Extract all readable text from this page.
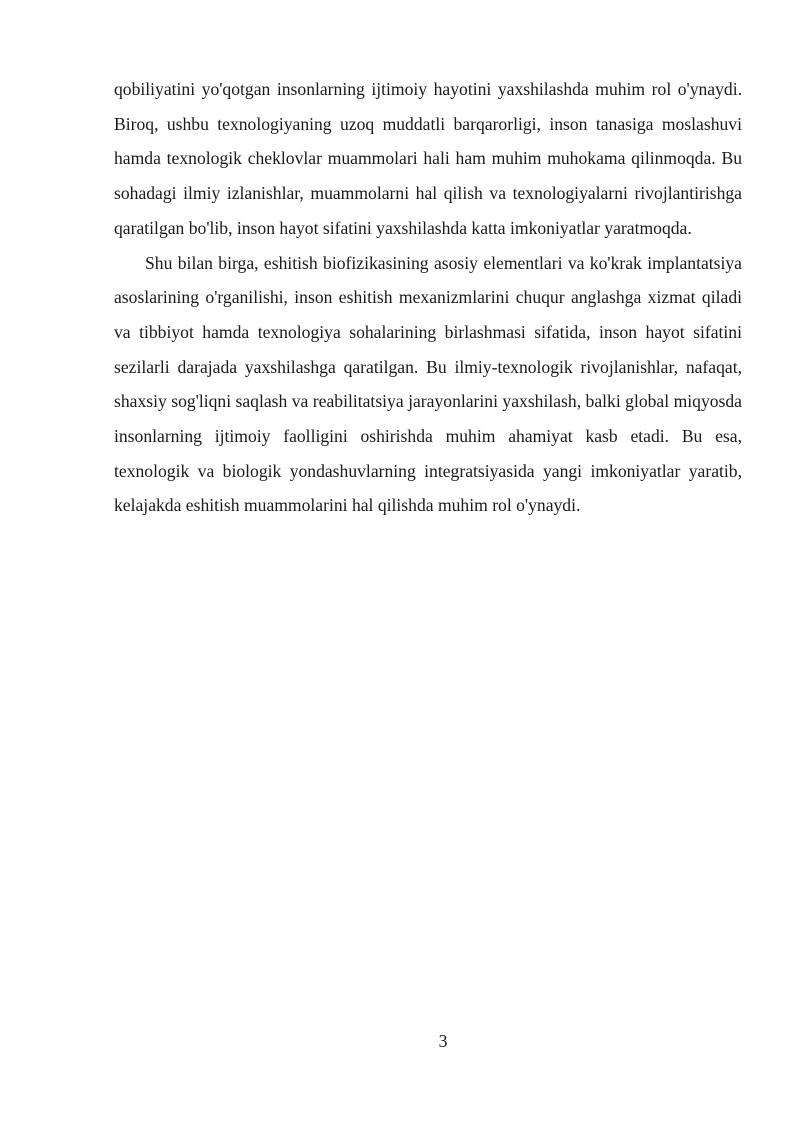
qobiliyatini yo'qotgan insonlarning ijtimoiy hayotini yaxshilashda muhim rol o'ynaydi. Biroq, ushbu texnologiyaning uzoq muddatli barqarorligi, inson tanasiga moslashuvi hamda texnologik cheklovlar muammolari hali ham muhim muhokama qilinmoqda. Bu sohadagi ilmiy izlanishlar, muammolarni hal qilish va texnologiyalarni rivojlantirishga qaratilgan bo'lib, inson hayot sifatini yaxshilashda katta imkoniyatlar yaratmoqda.

Shu bilan birga, eshitish biofizikasining asosiy elementlari va ko'krak implantatsiya asoslarining o'rganilishi, inson eshitish mexanizmlarini chuqur anglashga xizmat qiladi va tibbiyot hamda texnologiya sohalarining birlashmasi sifatida, inson hayot sifatini sezilarli darajada yaxshilashga qaratilgan. Bu ilmiy-texnologik rivojlanishlar, nafaqat, shaxsiy sog'liqni saqlash va reabilitatsiya jarayonlarini yaxshilash, balki global miqyosda insonlarning ijtimoiy faolligini oshirishda muhim ahamiyat kasb etadi. Bu esa, texnologik va biologik yondashuvlarning integratsiyasida yangi imkoniyatlar yaratib, kelajakda eshitish muammolarini hal qilishda muhim rol o'ynaydi.

3
